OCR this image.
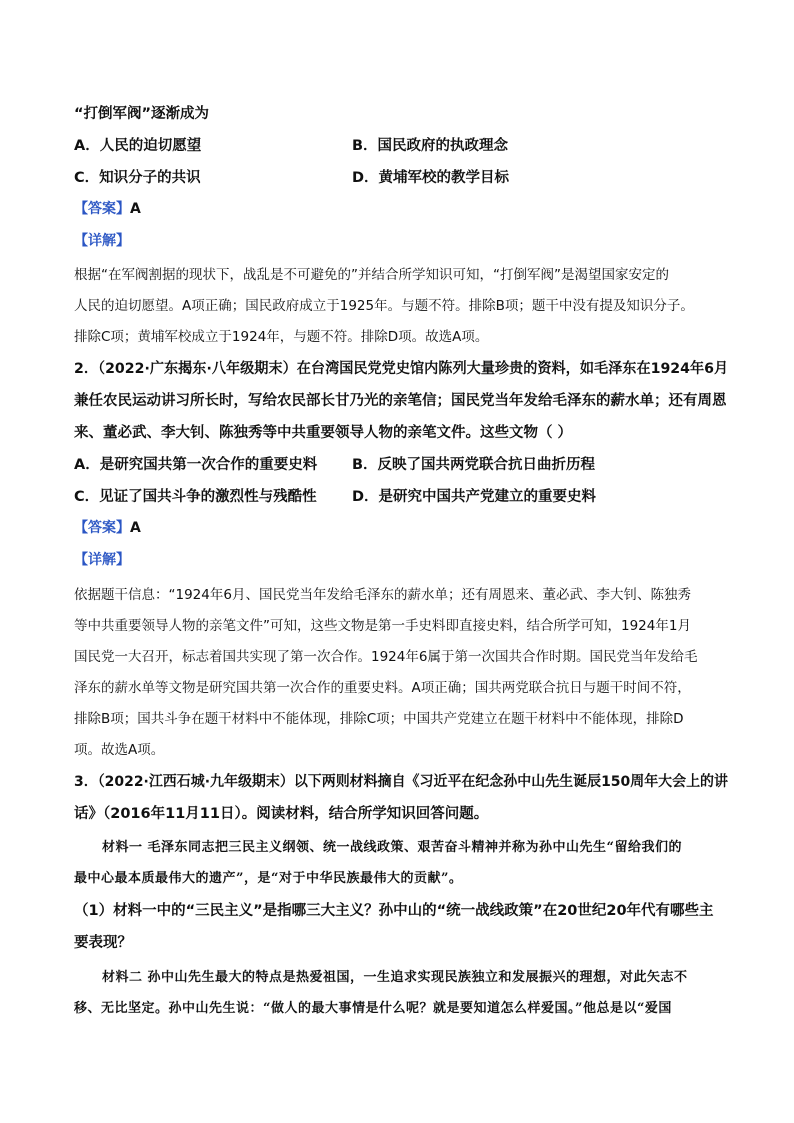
“打倒军阀”逐渐成为
A．人民的迫切愿望	B．国民政府的执政理念
C．知识分子的共识	D．黄埔军校的教学目标
【答案】A
【详解】
根据“在军阀割据的现状下，战乱是不可避免的”并结合所学知识可知，“打倒军阀”是渴望国家安定的
人民的迫切愿望。A项正确；国民政府成立于1925年。与题不符。排除B项；题干中没有提及知识分子。
排除C项；黄埔军校成立于1924年，与题不符。排除D项。故选A项。
2．（2022·广东揭东·八年级期末）在台湾国民党党史馆内陈列大量珍贵的资料，如毛泽东在1924年6月
兼任农民运动讲习所长时，写给农民部长甘乃光的亲笔信；国民党当年发给毛泽东的薪水单；还有周恩
来、董必武、李大钊、陈独秀等中共重要领导人物的亲笔文件。这些文物（ ）
A．是研究国共第一次合作的重要史料 B．反映了国共两党联合抗日曲折历程
C．见证了国共斗争的激烈性与残酷性 D．是研究中国共产党建立的重要史料
【答案】A
【详解】
依据题干信息：“1924年6月、国民党当年发给毛泽东的薪水单；还有周恩来、董必武、李大钊、陈独秀
等中共重要领导人物的亲笔文件”可知，这些文物是第一手史料即直接史料，结合所学可知，1924年1月
国民党一大召开，标志着国共实现了第一次合作。1924年6属于第一次国共合作时期。国民党当年发给毛
泽东的薪水单等文物是研究国共第一次合作的重要史料。A项正确；国共两党联合抗日与题干时间不符，
排除B项；国共斗争在题干材料中不能体现，排除C项；中国共产党建立在题干材料中不能体现，排除D
项。故选A项。
3．（2022·江西石城·九年级期末）以下两则材料摘自《习近平在纪念孙中山先生诞辰150周年大会上的讲
话》（2016年11月11日）。阅读材料，结合所学知识回答问题。
材料一 毛泽东同志把三民主义纲领、统一战线政策、艰苦奋斗精神并称为孙中山先生“留给我们的
最中心最本质最伟大的遗产”，是“对于中华民族最伟大的贡献”。
（1）材料一中的“三民主义”是指哪三大主义？孙中山的“统一战线政策”在20世纪20年代有哪些主
要表现？
材料二 孙中山先生最大的特点是热爱祖国，一生追求实现民族独立和发展振兴的理想，对此矢志不
移、无比坚定。孙中山先生说：“做人的最大事情是什么呢？就是要知道怎么样爱国。”他总是以“爱国
